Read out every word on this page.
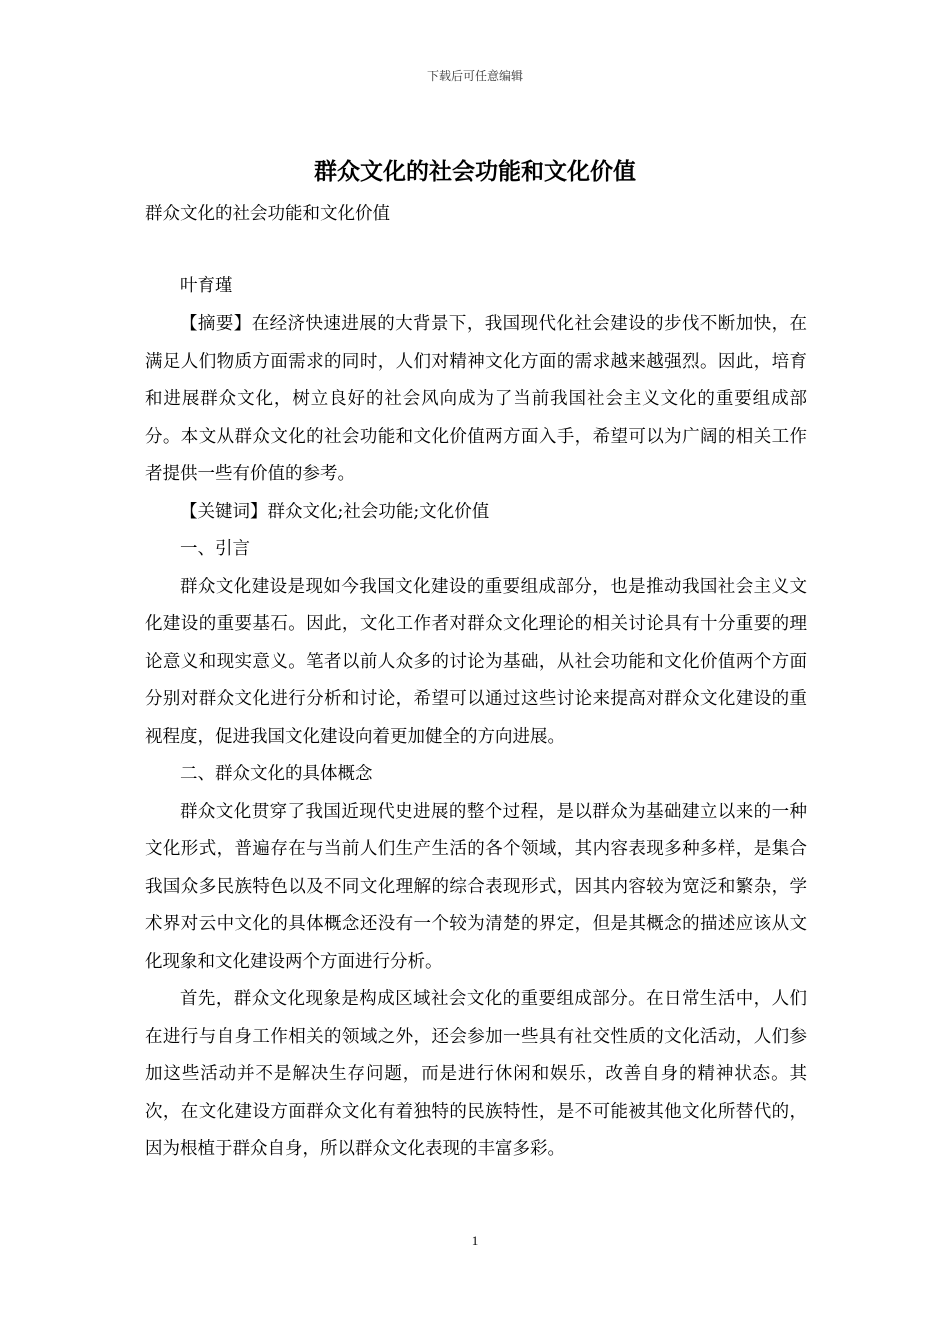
下载后可任意编辑
群众文化的社会功能和文化价值
群众文化的社会功能和文化价值

叶育瑾

【摘要】在经济快速进展的大背景下，我国现代化社会建设的步伐不断加快，在满足人们物质方面需求的同时，人们对精神文化方面的需求越来越强烈。因此，培育和进展群众文化，树立良好的社会风向成为了当前我国社会主义文化的重要组成部分。本文从群众文化的社会功能和文化价值两方面入手，希望可以为广阔的相关工作者提供一些有价值的参考。

【关键词】群众文化;社会功能;文化价值

一、引言

群众文化建设是现如今我国文化建设的重要组成部分，也是推动我国社会主义文化建设的重要基石。因此，文化工作者对群众文化理论的相关讨论具有十分重要的理论意义和现实意义。笔者以前人众多的讨论为基础，从社会功能和文化价值两个方面分别对群众文化进行分析和讨论，希望可以通过这些讨论来提高对群众文化建设的重视程度，促进我国文化建设向着更加健全的方向进展。

二、群众文化的具体概念

群众文化贯穿了我国近现代史进展的整个过程，是以群众为基础建立以来的一种文化形式，普遍存在与当前人们生产生活的各个领域，其内容表现多种多样，是集合我国众多民族特色以及不同文化理解的综合表现形式，因其内容较为宽泛和繁杂，学术界对云中文化的具体概念还没有一个较为清楚的界定，但是其概念的描述应该从文化现象和文化建设两个方面进行分析。

首先，群众文化现象是构成区域社会文化的重要组成部分。在日常生活中，人们在进行与自身工作相关的领域之外，还会参加一些具有社交性质的文化活动，人们参加这些活动并不是解决生存问题，而是进行休闲和娱乐，改善自身的精神状态。其次，在文化建设方面群众文化有着独特的民族特性，是不可能被其他文化所替代的，因为根植于群众自身，所以群众文化表现的丰富多彩。

1
